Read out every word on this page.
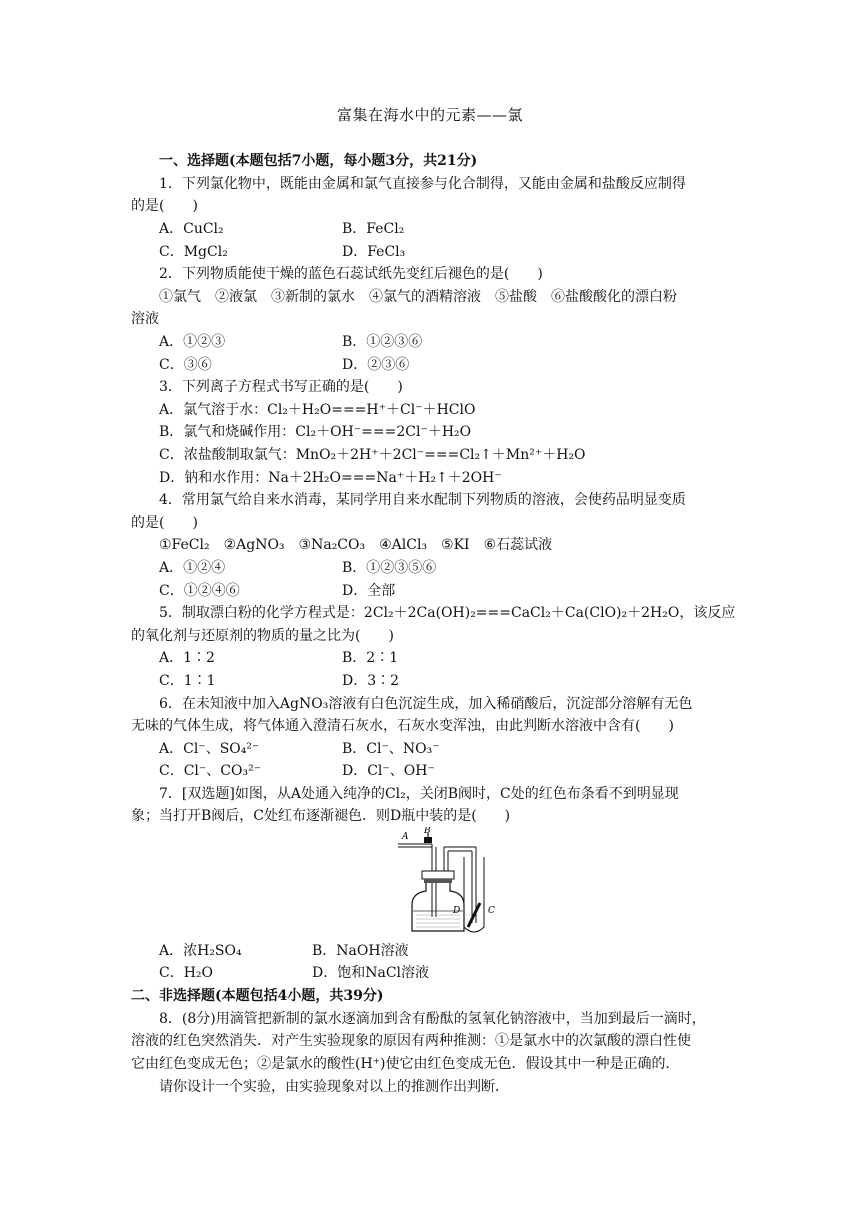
富集在海水中的元素——氯
一、选择题(本题包括7小题，每小题3分，共21分)
1．下列氯化物中，既能由金属和氯气直接参与化合制得，又能由金属和盐酸反应制得
的是(　　)
A．CuCl₂	B．FeCl₂
C．MgCl₂	D．FeCl₃
2．下列物质能使干燥的蓝色石蕊试纸先变红后褪色的是(　　)
①氯气　②液氯　③新制的氯水　④氯气的酒精溶液　⑤盐酸　⑥盐酸酸化的漂白粉
溶液
A．①②③	B．①②③⑥
C．③⑥	D．②③⑥
3．下列离子方程式书写正确的是(　　)
A．氯气溶于水：Cl₂＋H₂O===H⁺＋Cl⁻＋HClO
B．氯气和烧碱作用：Cl₂＋OH⁻===2Cl⁻＋H₂O
C．浓盐酸制取氯气：MnO₂＋2H⁺＋2Cl⁻===Cl₂↑＋Mn²⁺＋H₂O
D．钠和水作用：Na＋2H₂O===Na⁺＋H₂↑＋2OH⁻
4．常用氯气给自来水消毒，某同学用自来水配制下列物质的溶液，会使药品明显变质
的是(　　)
①FeCl₂　②AgNO₃　③Na₂CO₃　④AlCl₃　⑤KI　⑥石蕊试液
A．①②④	B．①②③⑤⑥
C．①②④⑥	D．全部
5．制取漂白粉的化学方程式是：2Cl₂＋2Ca(OH)₂===CaCl₂＋Ca(ClO)₂＋2H₂O，该反应
的氧化剂与还原剂的物质的量之比为(　　)
A．1∶2	B．2∶1
C．1∶1	D．3∶2
6．在未知液中加入AgNO₃溶液有白色沉淀生成，加入稀硝酸后，沉淀部分溶解有无色
无味的气体生成，将气体通入澄清石灰水，石灰水变浑浊，由此判断水溶液中含有(　　)
A．Cl⁻、SO₄²⁻	B．Cl⁻、NO₃⁻
C．Cl⁻、CO₃²⁻	D．Cl⁻、OH⁻
7．[双选题]如图，从A处通入纯净的Cl₂，关闭B阀时，C处的红色布条看不到明显现
象；当打开B阀后，C处红布逐渐褪色．则D瓶中装的是(　　)
A
B
C
D
A．浓H₂SO₄	B．NaOH溶液
C．H₂O	D．饱和NaCl溶液
二、非选择题(本题包括4小题，共39分)
8．(8分)用滴管把新制的氯水逐滴加到含有酚酞的氢氧化钠溶液中，当加到最后一滴时，
溶液的红色突然消失．对产生实验现象的原因有两种推测：①是氯水中的次氯酸的漂白性使
它由红色变成无色；②是氯水的酸性(H⁺)使它由红色变成无色．假设其中一种是正确的．
请你设计一个实验，由实验现象对以上的推测作出判断．
